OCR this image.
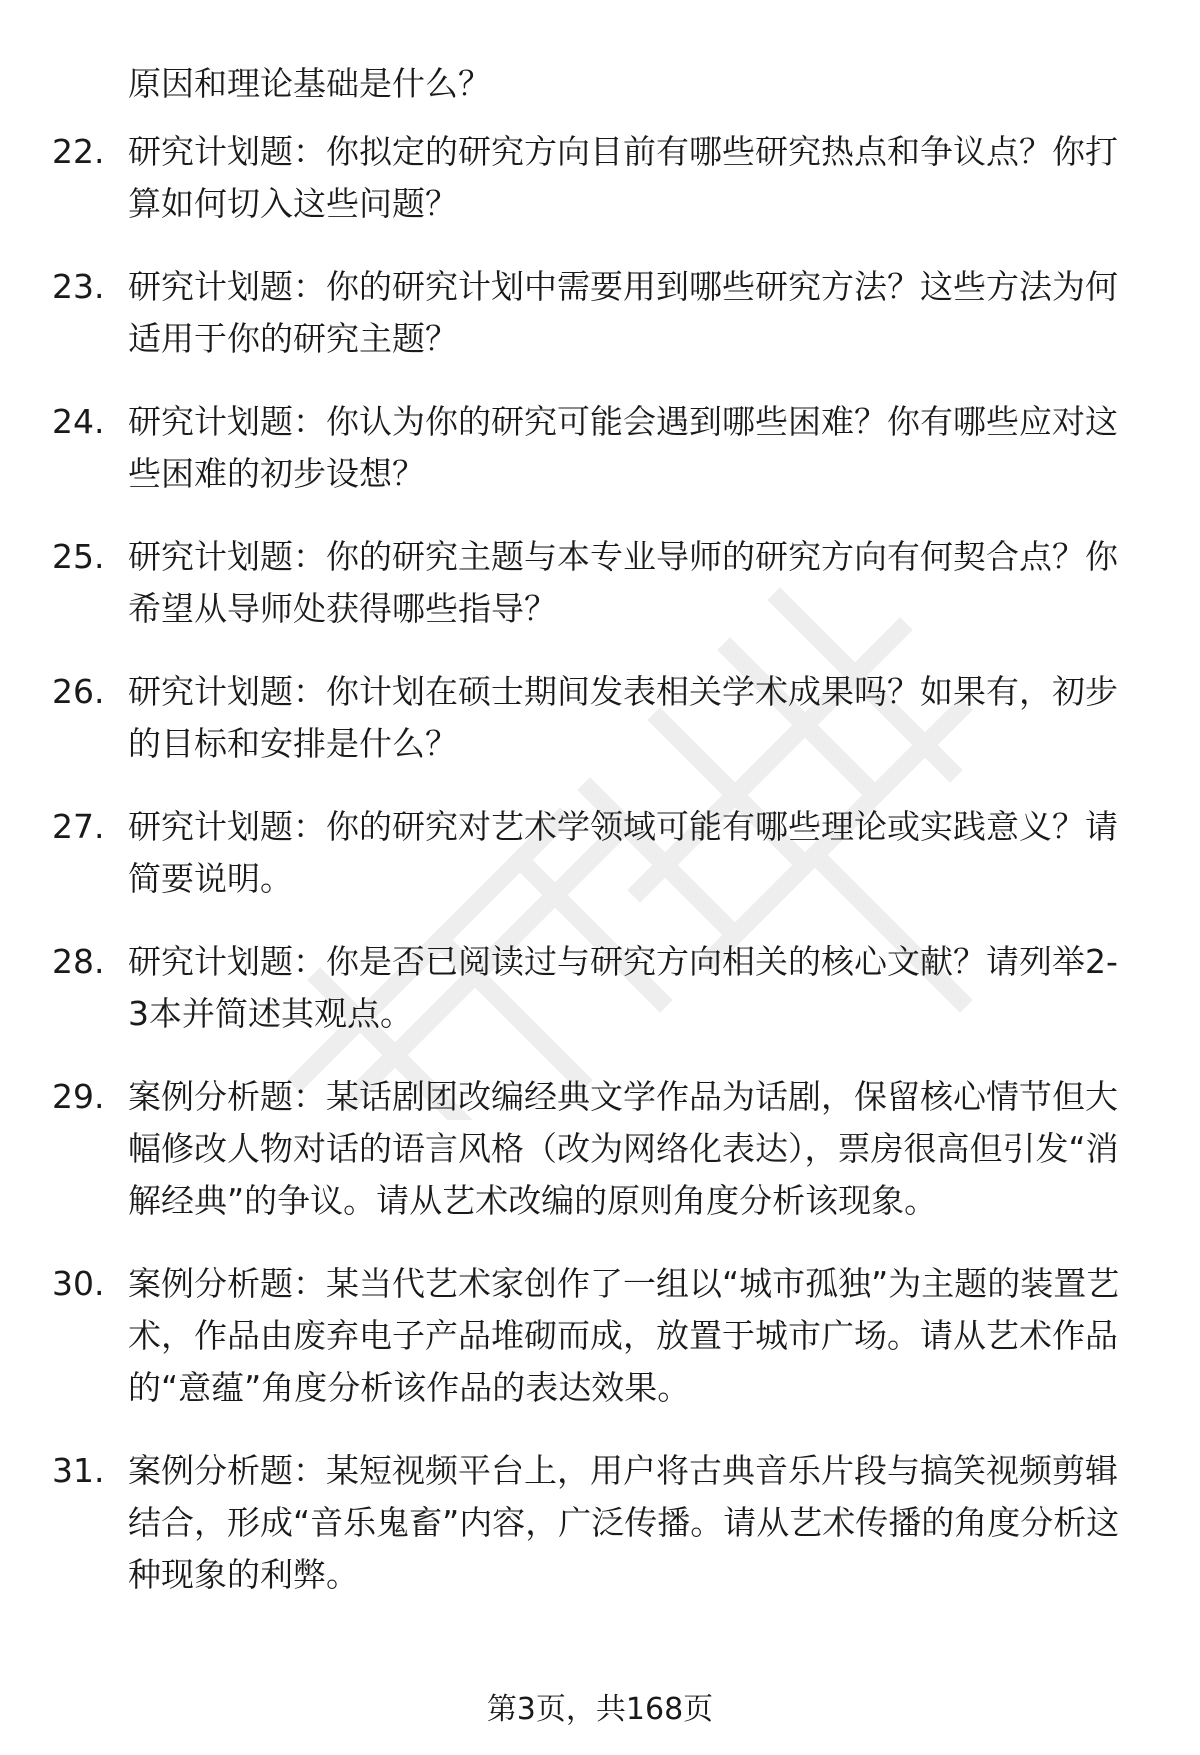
原因和理论基础是什么？

22. 研究计划题：你拟定的研究方向目前有哪些研究热点和争议点？你打算如何切入这些问题？
23. 研究计划题：你的研究计划中需要用到哪些研究方法？这些方法为何适用于你的研究主题？
24. 研究计划题：你认为你的研究可能会遇到哪些困难？你有哪些应对这些困难的初步设想？
25. 研究计划题：你的研究主题与本专业导师的研究方向有何契合点？你希望从导师处获得哪些指导？
26. 研究计划题：你计划在硕士期间发表相关学术成果吗？如果有，初步的目标和安排是什么？
27. 研究计划题：你的研究对艺术学领域可能有哪些理论或实践意义？请简要说明。
28. 研究计划题：你是否已阅读过与研究方向相关的核心文献？请列举2-3本并简述其观点。
29. 案例分析题：某话剧团改编经典文学作品为话剧，保留核心情节但大幅修改人物对话的语言风格（改为网络化表达），票房很高但引发“消解经典”的争议。请从艺术改编的原则角度分析该现象。
30. 案例分析题：某当代艺术家创作了一组以“城市孤独”为主题的装置艺术，作品由废弃电子产品堆砌而成，放置于城市广场。请从艺术作品的“意蕴”角度分析该作品的表达效果。
31. 案例分析题：某短视频平台上，用户将古典音乐片段与搞笑视频剪辑结合，形成“音乐鬼畜”内容，广泛传播。请从艺术传播的角度分析这种现象的利弊。
第3页，共168页
